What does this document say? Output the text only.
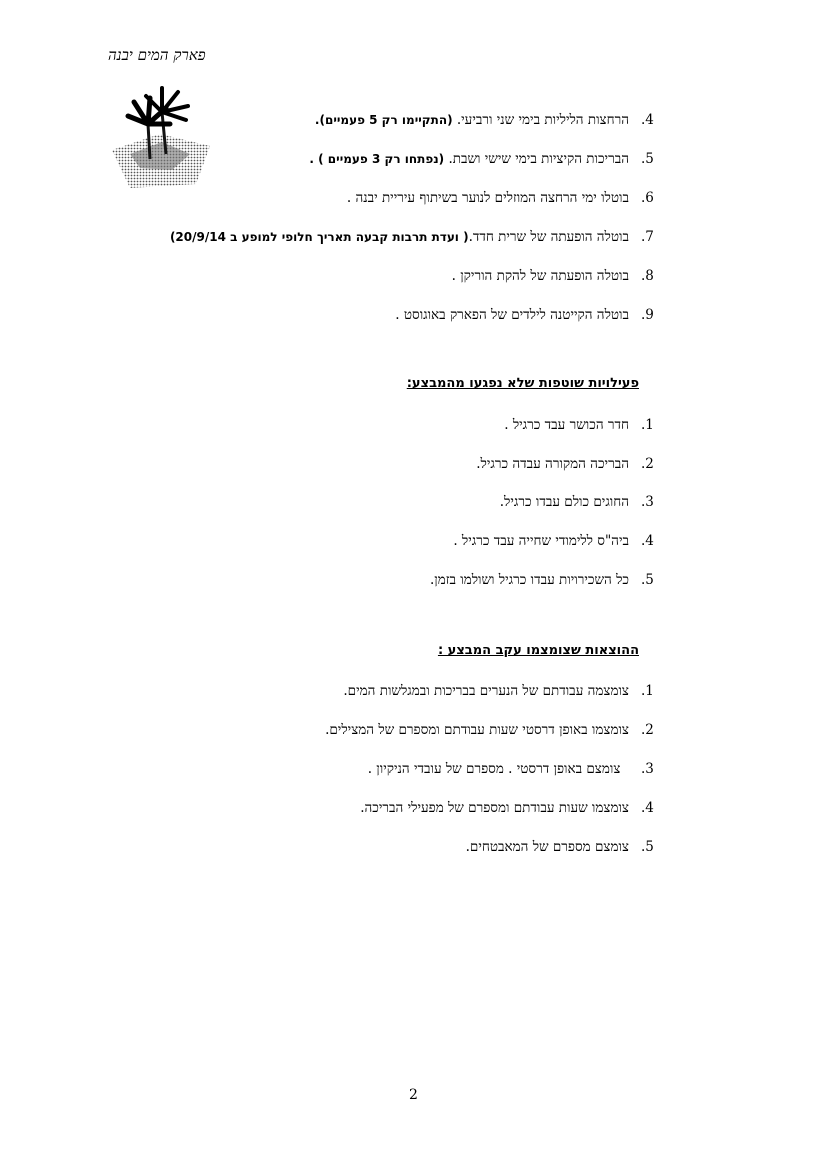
פארק המים יבנה
4.
הרחצות הליליות בימי שני ורביעי. (התקיימו רק 5 פעמיים).
5.
הבריכות הקיציות בימי שישי ושבת. (נפתחו רק 3 פעמיים ) .
6.
בוטלו ימי הרחצה המוזלים לנוער בשיתוף עיריית יבנה .
7.
בוטלה הופעתה של שרית חדד.( ועדת תרבות קבעה תאריך חלופי למופע ב 20/9/14)
8.
בוטלה הופעתה של להקת הוריקן .
9.
בוטלה הקייטנה לילדים של הפארק באוגוסט .
פעילויות שוטפות שלא נפגעו מהמבצע:
1.
חדר הכושר עבד כרגיל .
2.
הבריכה המקורה עבדה כרגיל.
3.
החוגים כולם עבדו כרגיל.
4.
ביה"ס ללימודי שחייה עבד כרגיל .
5.
כל השכירויות עבדו כרגיל ושולמו בזמן.
ההוצאות שצומצמו עקב המבצע :
1.
צומצמה עבודתם של הנערים בבריכות ובמגלשות המים.
2.
צומצמו באופן דרסטי שעות עבודתם ומספרם של המצילים.
3.
צומצם באופן דרסטי . מספרם של עובדי הניקיון .
4.
צומצמו שעות עבודתם ומספרם של מפעילי הבריכה.
5.
צומצם מספרם של המאבטחים.
2
